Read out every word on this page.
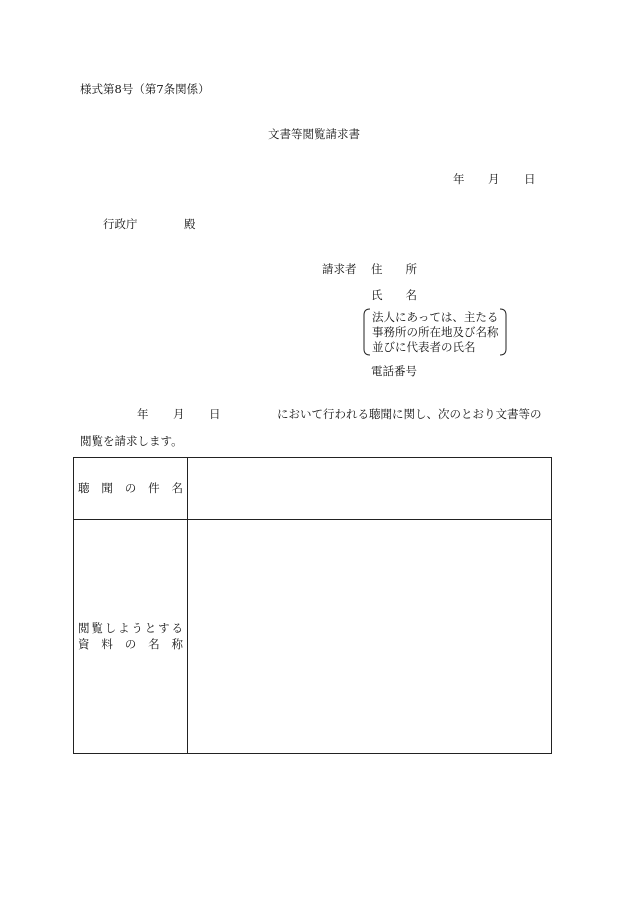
様式第8号（第7条関係）
文書等閲覧請求書
年 月 日
行政庁	殿
請求者 住　　所
氏　　名
法人にあっては、主たる
事務所の所在地及び名称
並びに代表者の氏名
電話番号
年 月 日	において行われる聴聞に関し、次のとおり文書等の
閲覧を請求します。
聴　聞　の　件　名	

閲覧しようとする
資　料　の　名　称	
